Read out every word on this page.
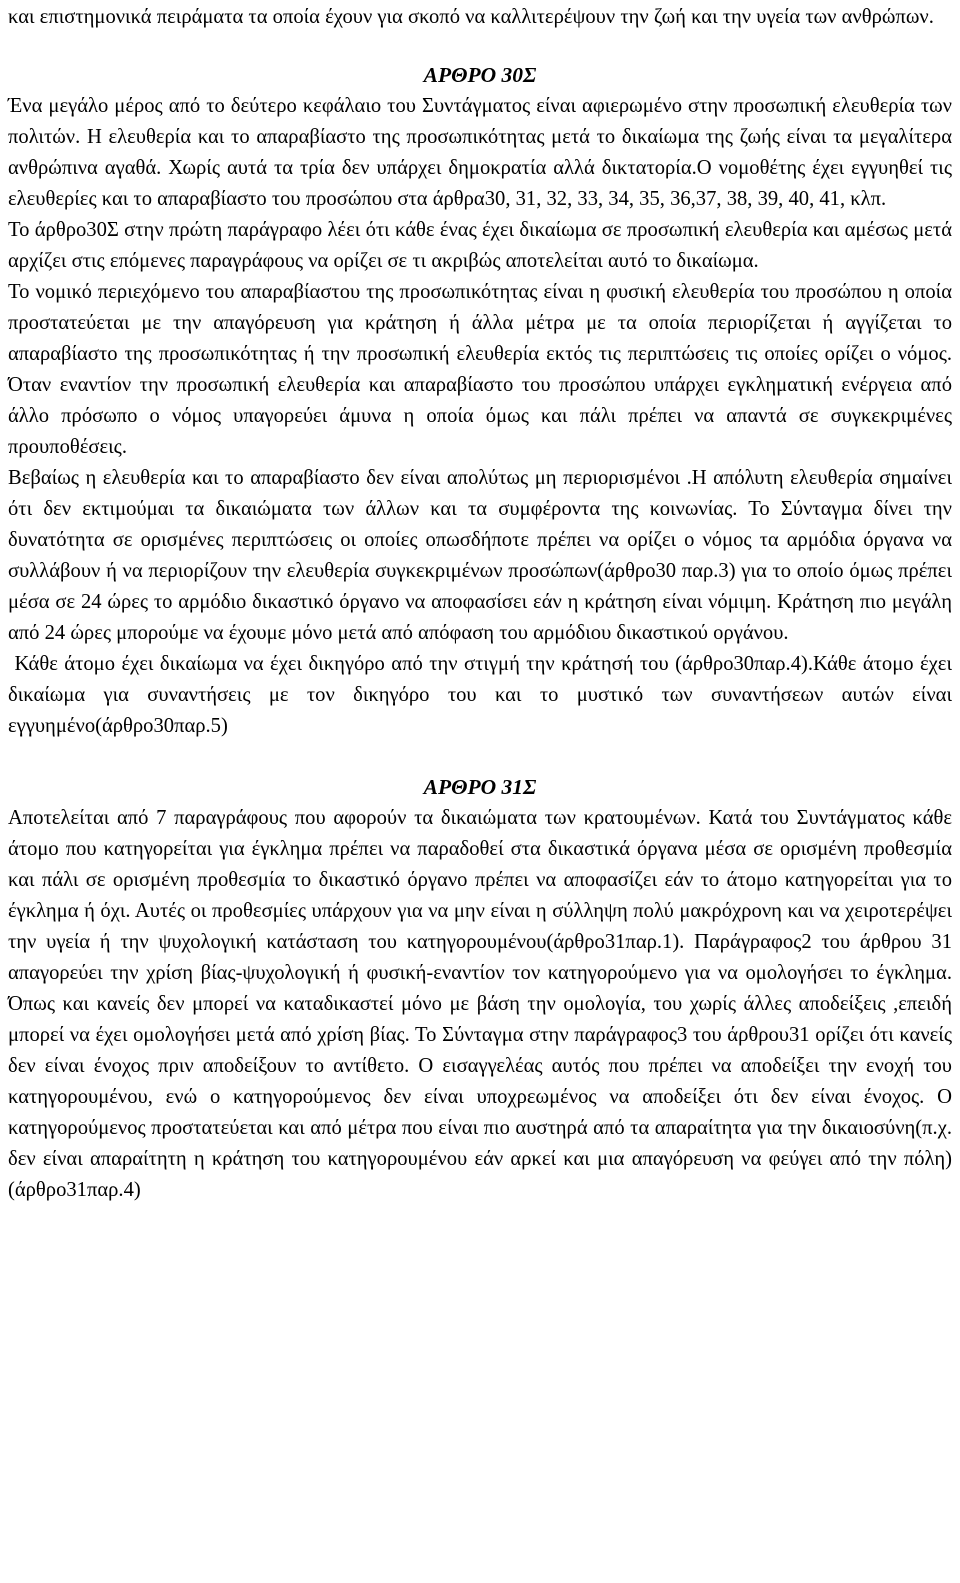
και επιστημονικά πειράματα τα οποία έχουν για σκοπό να καλλιτερέψουν την ζωή και την υγεία των ανθρώπων.

ΑΡΘΡΟ 30Σ

Ένα μεγάλο μέρος από το δεύτερο κεφάλαιο του Συντάγματος είναι αφιερωμένο στην προσωπική ελευθερία των πολιτών. Η ελευθερία και το απαραβίαστο της προσωπικότητας μετά το δικαίωμα της ζωής είναι τα μεγαλίτερα ανθρώπινα αγαθά. Χωρίς αυτά τα τρία δεν υπάρχει δημοκρατία αλλά δικτατορία.Ο νομοθέτης έχει εγγυηθεί τις ελευθερίες και το απαραβίαστο του προσώπου στα άρθρα30, 31, 32, 33, 34, 35, 36,37, 38, 39, 40, 41, κλπ.

Το άρθρο30Σ στην πρώτη παράγραφο λέει ότι κάθε ένας έχει δικαίωμα σε προσωπική ελευθερία και αμέσως μετά αρχίζει στις επόμενες παραγράφους να ορίζει σε τι ακριβώς αποτελείται αυτό το δικαίωμα.

Το νομικό περιεχόμενο του απαραβίαστου της προσωπικότητας είναι η φυσική ελευθερία του προσώπου η οποία προστατεύεται με την απαγόρευση για κράτηση ή άλλα μέτρα με τα οποία περιορίζεται ή αγγίζεται το απαραβίαστο της προσωπικότητας ή την προσωπική ελευθερία εκτός τις περιπτώσεις τις οποίες ορίζει ο νόμος. Όταν εναντίον την προσωπική ελευθερία και απαραβίαστο του προσώπου υπάρχει εγκληματική ενέργεια από άλλο πρόσωπο ο νόμος υπαγορεύει άμυνα η οποία όμως και πάλι πρέπει να απαντά σε συγκεκριμένες προυποθέσεις.

Βεβαίως η ελευθερία και το απαραβίαστο δεν είναι απολύτως μη περιορισμένοι .Η απόλυτη ελευθερία σημαίνει ότι δεν εκτιμούμαι τα δικαιώματα των άλλων και τα συμφέροντα της κοινωνίας. Το Σύνταγμα δίνει την δυνατότητα σε ορισμένες περιπτώσεις οι οποίες οπωσδήποτε πρέπει να ορίζει ο νόμος τα αρμόδια όργανα να συλλάβουν ή να περιορίζουν την ελευθερία συγκεκριμένων προσώπων(άρθρο30 παρ.3) για το οποίο όμως πρέπει μέσα σε 24 ώρες το αρμόδιο δικαστικό όργανο να αποφασίσει εάν η κράτηση είναι νόμιμη. Κράτηση πιο μεγάλη από 24 ώρες μπορούμε να έχουμε μόνο μετά από απόφαση του αρμόδιου δικαστικού οργάνου.

Κάθε άτομο έχει δικαίωμα να έχει δικηγόρο από την στιγμή την κράτησή του (άρθρο30παρ.4).Κάθε άτομο έχει δικαίωμα για συναντήσεις με τον δικηγόρο του και το μυστικό των συναντήσεων αυτών είναι εγγυημένο(άρθρο30παρ.5)

ΑΡΘΡΟ 31Σ

Αποτελείται από 7 παραγράφους που αφορούν τα δικαιώματα των κρατουμένων. Κατά του Συντάγματος κάθε άτομο που κατηγορείται για έγκλημα πρέπει να παραδοθεί στα δικαστικά όργανα μέσα σε ορισμένη προθεσμία και πάλι σε ορισμένη προθεσμία το δικαστικό όργανο πρέπει να αποφασίζει εάν το άτομο κατηγορείται για το έγκλημα ή όχι. Αυτές οι προθεσμίες υπάρχουν για να μην είναι η σύλληψη πολύ μακρόχρονη και να χειροτερέψει την υγεία ή την ψυχολογική κατάσταση του κατηγορουμένου(άρθρο31παρ.1). Παράγραφος2 του άρθρου 31 απαγορεύει την χρίση βίας-ψυχολογική ή φυσική-εναντίον τον κατηγορούμενο για να ομολογήσει το έγκλημα. Όπως και κανείς δεν μπορεί να καταδικαστεί μόνο με βάση την ομολογία, του χωρίς άλλες αποδείξεις ,επειδή μπορεί να έχει ομολογήσει μετά από χρίση βίας. Το Σύνταγμα στην παράγραφος3 του άρθρου31 ορίζει ότι κανείς δεν είναι ένοχος πριν αποδείξουν το αντίθετο. Ο εισαγγελέας αυτός που πρέπει να αποδείξει την ενοχή του κατηγορουμένου, ενώ ο κατηγορούμενος δεν είναι υποχρεωμένος να αποδείξει ότι δεν είναι ένοχος. Ο κατηγορούμενος προστατεύεται και από μέτρα που είναι πιο αυστηρά από τα απαραίτητα για την δικαιοσύνη(π.χ. δεν είναι απαραίτητη η κράτηση του κατηγορουμένου εάν αρκεί και μια απαγόρευση να φεύγει από την πόλη)(άρθρο31παρ.4)
